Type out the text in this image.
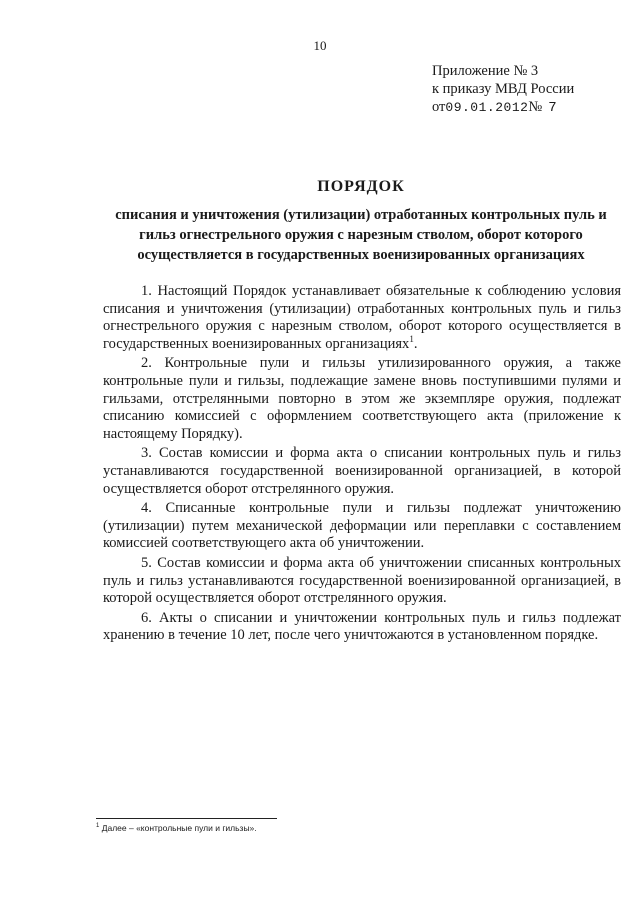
10
Приложение № 3
к приказу МВД России
от09.01.2012№ 7
ПОРЯДОК
списания и уничтожения (утилизации) отработанных контрольных пуль и гильз огнестрельного оружия с нарезным стволом, оборот которого осуществляется в государственных военизированных организациях

1. Настоящий Порядок устанавливает обязательные к соблюдению условия списания и уничтожения (утилизации) отработанных контрольных пуль и гильз огнестрельного оружия с нарезным стволом, оборот которого осуществляется в государственных военизированных организациях$^1$.

2. Контрольные пули и гильзы утилизированного оружия, а также контрольные пули и гильзы, подлежащие замене вновь поступившими пулями и гильзами, отстрелянными повторно в этом же экземпляре оружия, подлежат списанию комиссией с оформлением соответствующего акта (приложение к настоящему Порядку).

3. Состав комиссии и форма акта о списании контрольных пуль и гильз устанавливаются государственной военизированной организацией, в которой осуществляется оборот отстрелянного оружия.

4. Списанные контрольные пули и гильзы подлежат уничтожению (утилизации) путем механической деформации или переплавки с составлением комиссией соответствующего акта об уничтожении.

5. Состав комиссии и форма акта об уничтожении списанных контрольных пуль и гильз устанавливаются государственной военизированной организацией, в которой осуществляется оборот отстрелянного оружия.

6. Акты о списании и уничтожении контрольных пуль и гильз подлежат хранению в течение 10 лет, после чего уничтожаются в установленном порядке.

$^1$ Далее – «контрольные пули и гильзы».
